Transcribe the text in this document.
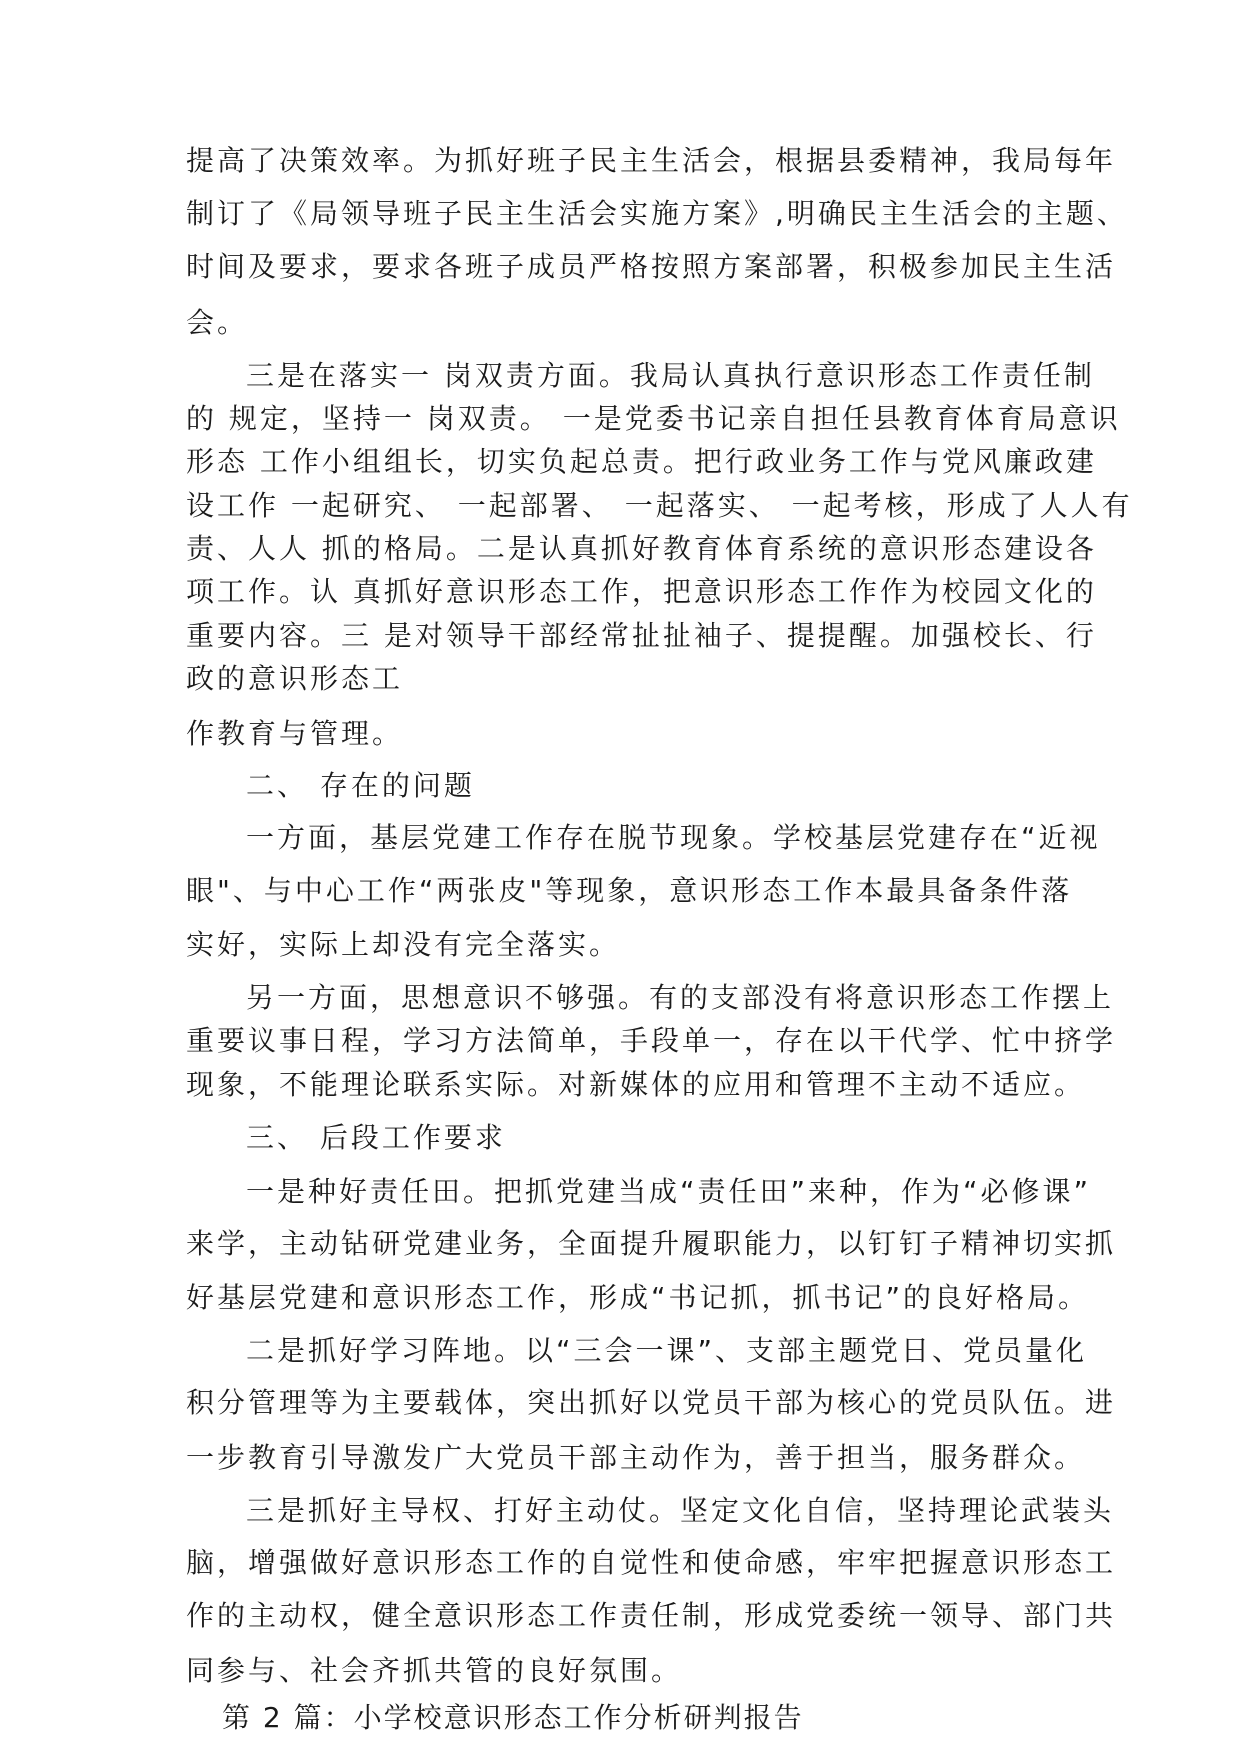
提高了决策效率。为抓好班子民主生活会，根据县委精神，我局每年
制订了《局领导班子民主生活会实施方案》,明确民主生活会的主题、
时间及要求，要求各班子成员严格按照方案部署，积极参加民主生活
会。
三是在落实一 岗双责方面。我局认真执行意识形态工作责任制
的 规定，坚持一 岗双责。 一是党委书记亲自担任县教育体育局意识
形态 工作小组组长，切实负起总责。把行政业务工作与党风廉政建
设工作 一起研究、 一起部署、 一起落实、 一起考核，形成了人人有
责、人人 抓的格局。二是认真抓好教育体育系统的意识形态建设各
项工作。认 真抓好意识形态工作，把意识形态工作作为校园文化的
重要内容。三 是对领导干部经常扯扯袖子、提提醒。加强校长、行
政的意识形态工
作教育与管理。
二、 存在的问题
一方面，基层党建工作存在脱节现象。学校基层党建存在“近视
眼"、与中心工作“两张皮"等现象，意识形态工作本最具备条件落
实好，实际上却没有完全落实。
另一方面，思想意识不够强。有的支部没有将意识形态工作摆上
重要议事日程，学习方法简单，手段单一，存在以干代学、忙中挤学
现象，不能理论联系实际。对新媒体的应用和管理不主动不适应。
三、 后段工作要求
一是种好责任田。把抓党建当成“责任田”来种，作为“必修课”
来学，主动钻研党建业务，全面提升履职能力，以钉钉子精神切实抓
好基层党建和意识形态工作，形成“书记抓，抓书记”的良好格局。
二是抓好学习阵地。以“三会一课”、支部主题党日、党员量化
积分管理等为主要载体，突出抓好以党员干部为核心的党员队伍。进
一步教育引导激发广大党员干部主动作为，善于担当，服务群众。
三是抓好主导权、打好主动仗。坚定文化自信，坚持理论武装头
脑，增强做好意识形态工作的自觉性和使命感，牢牢把握意识形态工
作的主动权，健全意识形态工作责任制，形成党委统一领导、部门共
同参与、社会齐抓共管的良好氛围。
第 2 篇：小学校意识形态工作分析研判报告
